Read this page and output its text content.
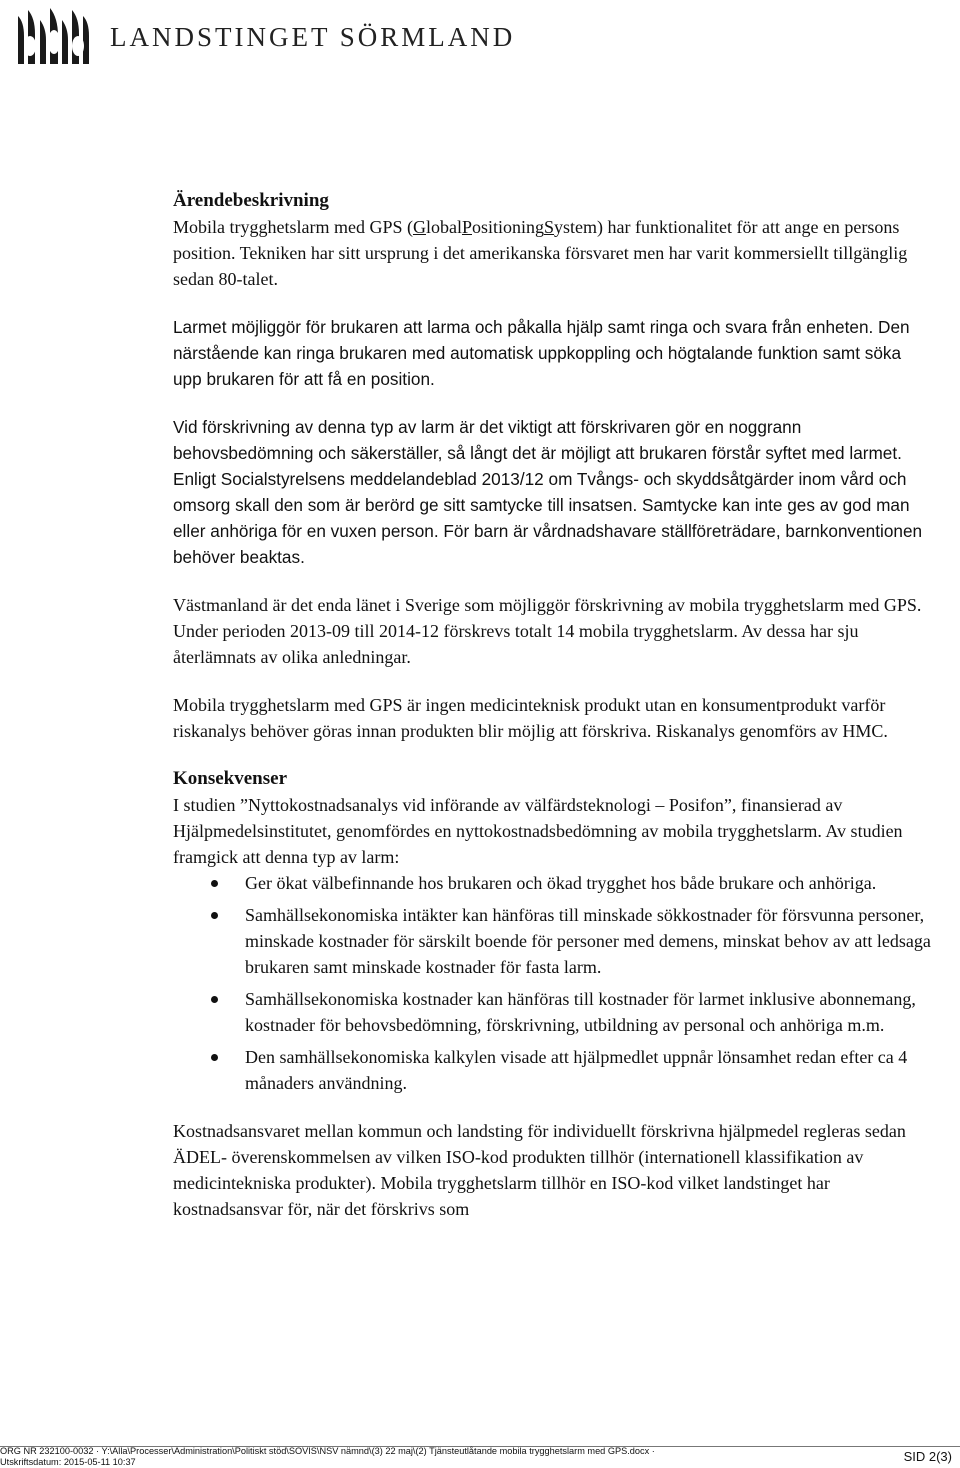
LANDSTINGET SÖRMLAND
Ärendebeskrivning

Mobila trygghetslarm med GPS (GlobalPositioningSystem) har funktionalitet för att ange en persons position. Tekniken har sitt ursprung i det amerikanska försvaret men har varit kommersiellt tillgänglig sedan 80-talet.

Larmet möjliggör för brukaren att larma och påkalla hjälp samt ringa och svara från enheten. Den närstående kan ringa brukaren med automatisk uppkoppling och högtalande funktion samt söka upp brukaren för att få en position.

Vid förskrivning av denna typ av larm är det viktigt att förskrivaren gör en noggrann behovsbedömning och säkerställer, så långt det är möjligt att brukaren förstår syftet med larmet. Enligt Socialstyrelsens meddelandeblad 2013/12 om Tvångs- och skyddsåtgärder inom vård och omsorg skall den som är berörd ge sitt samtycke till insatsen. Samtycke kan inte ges av god man eller anhöriga för en vuxen person. För barn är vårdnadshavare ställföreträdare, barnkonventionen behöver beaktas.

Västmanland är det enda länet i Sverige som möjliggör förskrivning av mobila trygghetslarm med GPS. Under perioden 2013-09 till 2014-12 förskrevs totalt 14 mobila trygghetslarm. Av dessa har sju återlämnats av olika anledningar.

Mobila trygghetslarm med GPS är ingen medicinteknisk produkt utan en konsumentprodukt varför riskanalys behöver göras innan produkten blir möjlig att förskriva. Riskanalys genomförs av HMC.

Konsekvenser

I studien ”Nyttokostnadsanalys vid införande av välfärdsteknologi – Posifon”, finansierad av Hjälpmedelsinstitutet, genomfördes en nyttokostnadsbedömning av mobila trygghetslarm. Av studien framgick att denna typ av larm:

Ger ökat välbefinnande hos brukaren och ökad trygghet hos både brukare och anhöriga.
Samhällsekonomiska intäkter kan hänföras till minskade sökkostnader för försvunna personer, minskade kostnader för särskilt boende för personer med demens, minskat behov av att ledsaga brukaren samt minskade kostnader för fasta larm.
Samhällsekonomiska kostnader kan hänföras till kostnader för larmet inklusive abonnemang, kostnader för behovsbedömning, förskrivning, utbildning av personal och anhöriga m.m.
Den samhällsekonomiska kalkylen visade att hjälpmedlet uppnår lönsamhet redan efter ca 4 månaders användning.

Kostnadsansvaret mellan kommun och landsting för individuellt förskrivna hjälpmedel regleras sedan ÄDEL- överenskommelsen av vilken ISO-kod produkten tillhör (internationell klassifikation av medicintekniska produkter). Mobila trygghetslarm tillhör en ISO-kod vilket landstinget har kostnadsansvar för, när det förskrivs som

ORG NR 232100-0032 · Y:\Alla\Processer\Administration\Politiskt stöd\SOVIS\NSV nämnd\(3) 22 maj\(2) Tjänsteutlåtande mobila trygghetslarm med GPS.docx ·
Utskriftsdatum: 2015-05-11 10:37	SID 2(3)
